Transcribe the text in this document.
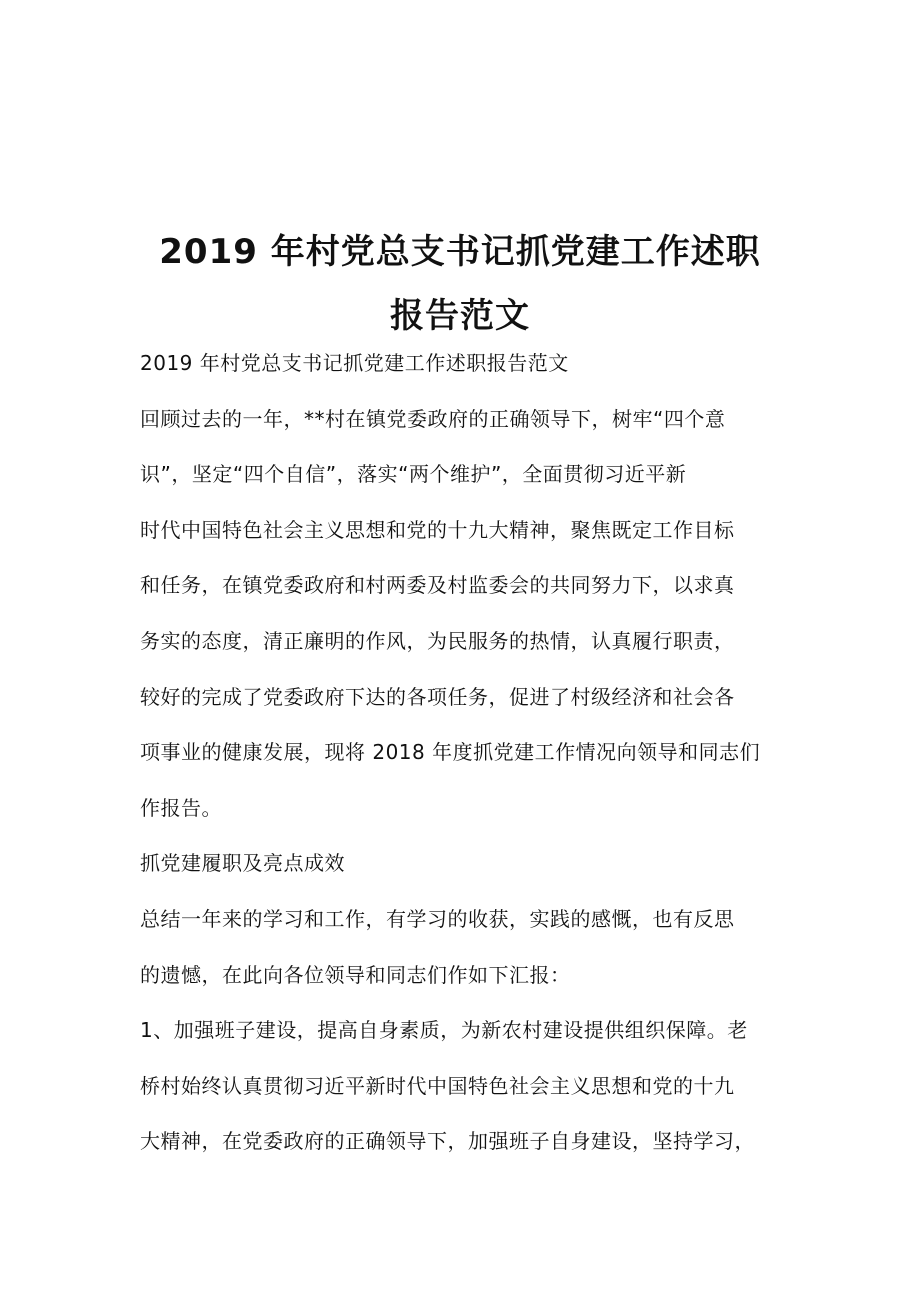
2019 年村党总支书记抓党建工作述职
报告范文
2019 年村党总支书记抓党建工作述职报告范文
回顾过去的一年，**村在镇党委政府的正确领导下，树牢“四个意
识”，坚定“四个自信”，落实“两个维护”，全面贯彻习近平新
时代中国特色社会主义思想和党的十九大精神，聚焦既定工作目标
和任务，在镇党委政府和村两委及村监委会的共同努力下，以求真
务实的态度，清正廉明的作风，为民服务的热情，认真履行职责，
较好的完成了党委政府下达的各项任务，促进了村级经济和社会各
项事业的健康发展，现将 2018 年度抓党建工作情况向领导和同志们
作报告。
抓党建履职及亮点成效
总结一年来的学习和工作，有学习的收获，实践的感慨，也有反思
的遗憾，在此向各位领导和同志们作如下汇报：
1、加强班子建设，提高自身素质，为新农村建设提供组织保障。老
桥村始终认真贯彻习近平新时代中国特色社会主义思想和党的十九
大精神，在党委政府的正确领导下，加强班子自身建设，坚持学习，
